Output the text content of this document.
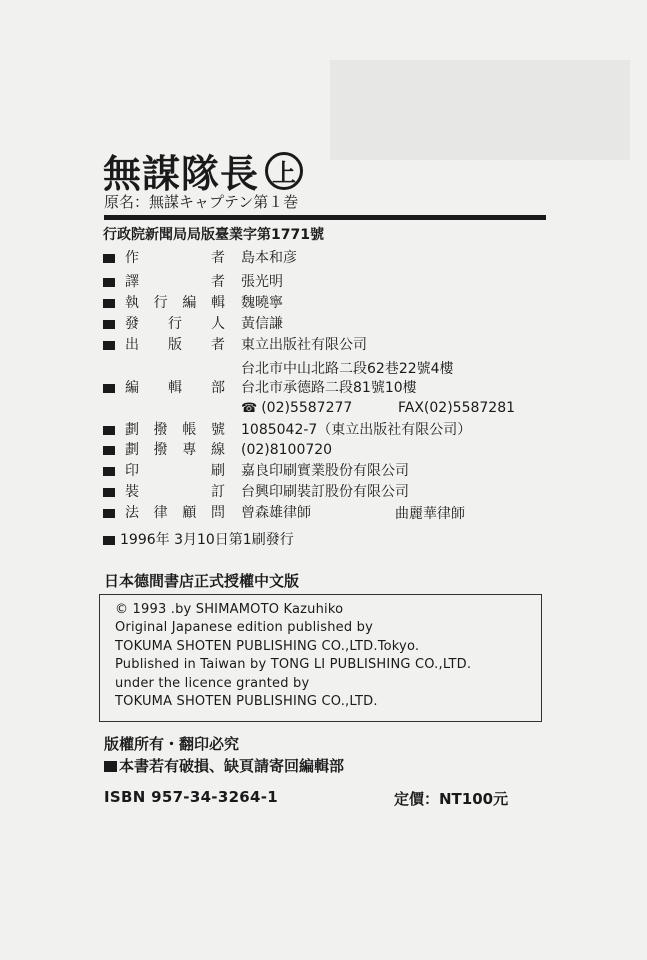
無謀隊長 上
原名：無謀キャプテン第１巻
行政院新聞局局版臺業字第1771號
作者 島本和彦
譯者 張光明
執行編輯 魏曉寧
發行人 黃信謙
出版者 東立出版社有限公司
編輯部 台北市承德路二段81號10樓
劃撥帳號 1085042-7（東立出版社有限公司）
劃撥專線 (02)8100720
印刷 嘉良印刷實業股份有限公司
裝訂 台興印刷裝訂股份有限公司
法律顧問 曾森雄律師
台北市中山北路二段62巷22號4樓
☎ (02)5587277	FAX(02)5587281
曲麗華律師
1996年 3月10日第1刷發行
日本德間書店正式授權中文版
© 1993 .by SHIMAMOTO Kazuhiko
Original Japanese edition published by
TOKUMA SHOTEN PUBLISHING CO.,LTD.Tokyo.
Published in Taiwan by TONG LI PUBLISHING CO.,LTD.
under the licence granted by
TOKUMA SHOTEN PUBLISHING CO.,LTD.
版權所有・翻印必究
本書若有破損、缺頁請寄回編輯部
ISBN 957-34-3264-1	定價：NT100元
